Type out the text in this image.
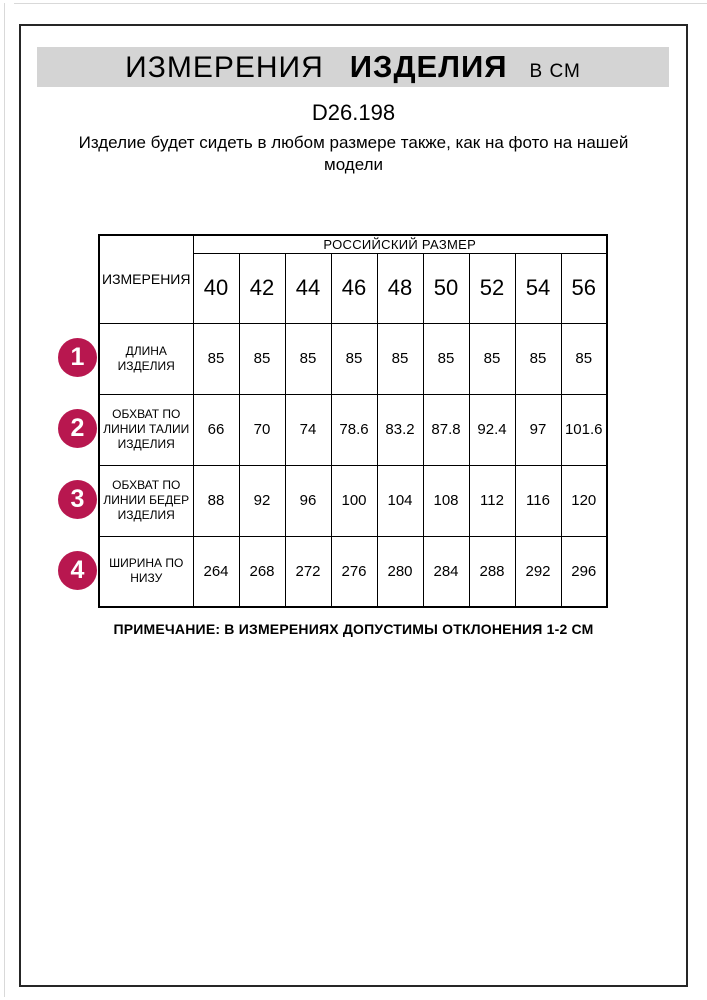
ИЗМЕРЕНИЯ ИЗДЕЛИЯ В СМ
D26.198
Изделие будет сидеть в любом размере также, как на фото на нашей
модели
ИЗМЕРЕНИЯ	РОССИЙСКИЙ РАЗМЕР								
	40	42	44	46	48	50	52	54	56
ДЛИНА ИЗДЕЛИЯ	85	85	85	85	85	85	85	85	85
ОБХВАТ ПО ЛИНИИ ТАЛИИ ИЗДЕЛИЯ	66	70	74	78.6	83.2	87.8	92.4	97	101.6
ОБХВАТ ПО ЛИНИИ БЕДЕР ИЗДЕЛИЯ	88	92	96	100	104	108	112	116	120
ШИРИНА ПО НИЗУ	264	268	272	276	280	284	288	292	296
1
2
3
4
ПРИМЕЧАНИЕ: В ИЗМЕРЕНИЯХ ДОПУСТИМЫ ОТКЛОНЕНИЯ 1-2 СМ
